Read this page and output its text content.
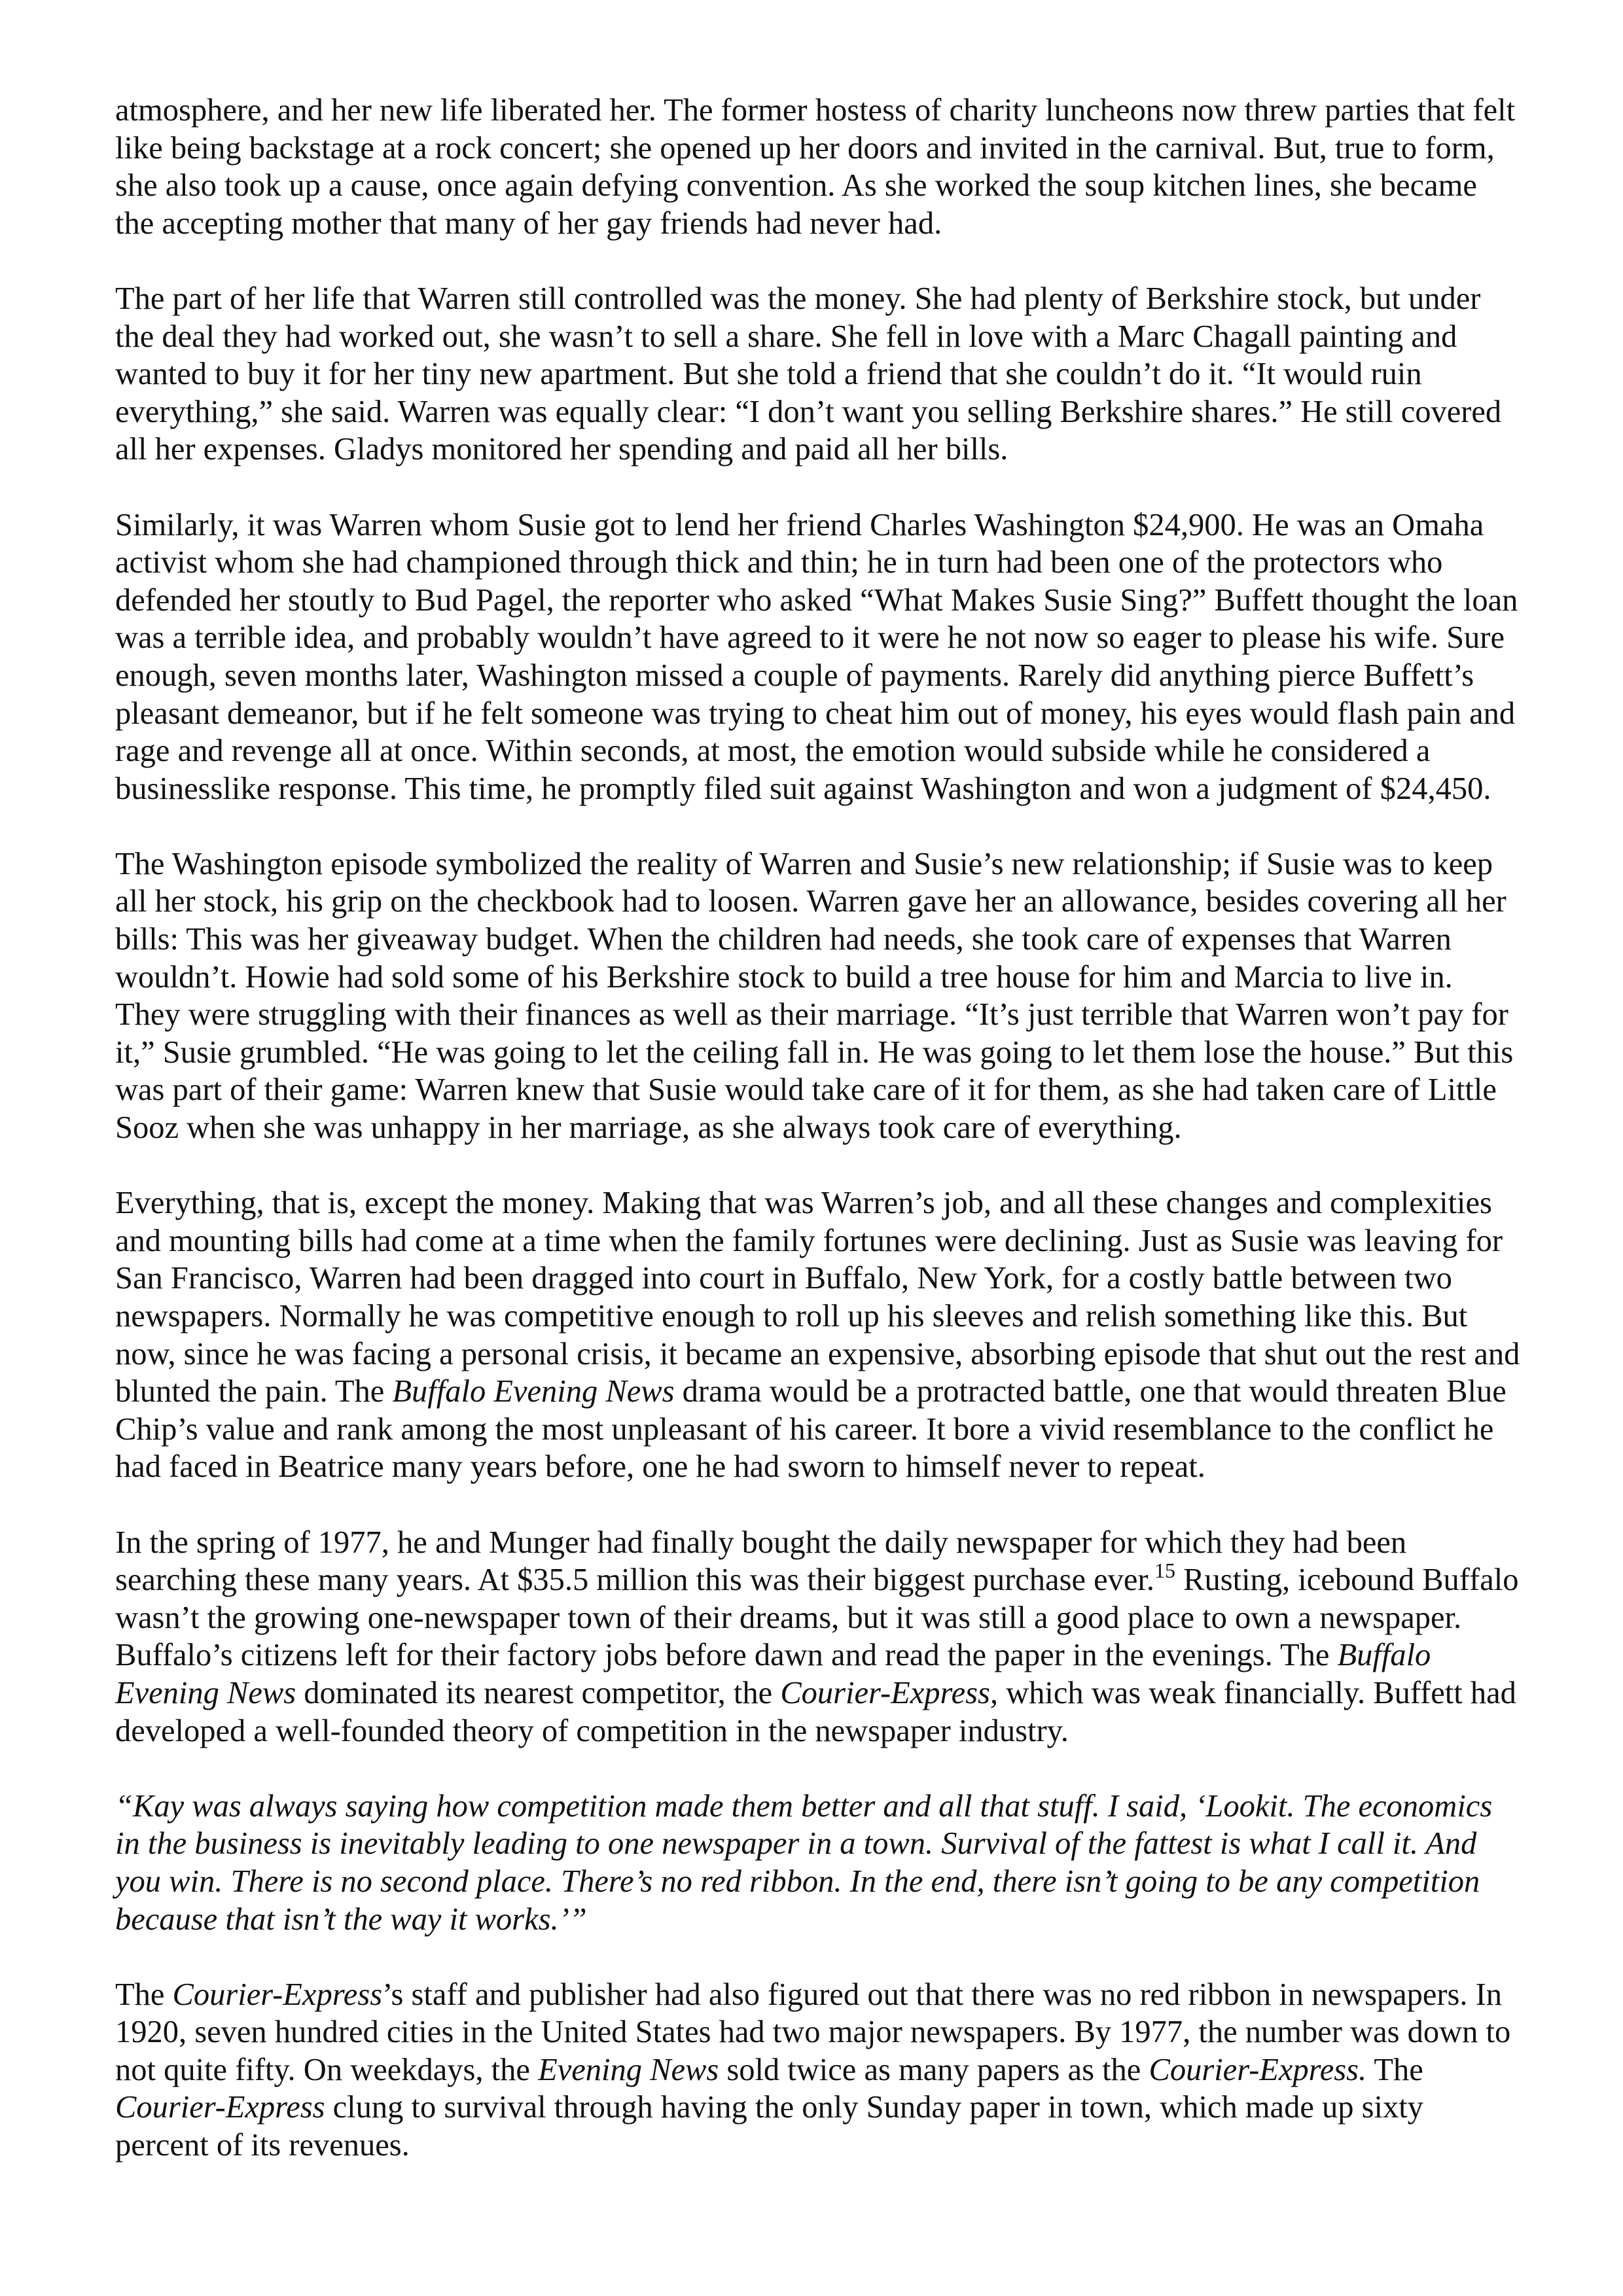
atmosphere, and her new life liberated her. The former hostess of charity luncheons now threw parties that felt like being backstage at a rock concert; she opened up her doors and invited in the carnival. But, true to form, she also took up a cause, once again defying convention. As she worked the soup kitchen lines, she became the accepting mother that many of her gay friends had never had.

The part of her life that Warren still controlled was the money. She had plenty of Berkshire stock, but under the deal they had worked out, she wasn’t to sell a share. She fell in love with a Marc Chagall painting and wanted to buy it for her tiny new apartment. But she told a friend that she couldn’t do it. “It would ruin everything,” she said. Warren was equally clear: “I don’t want you selling Berkshire shares.” He still covered all her expenses. Gladys monitored her spending and paid all her bills.

Similarly, it was Warren whom Susie got to lend her friend Charles Washington $24,900. He was an Omaha activist whom she had championed through thick and thin; he in turn had been one of the protectors who defended her stoutly to Bud Pagel, the reporter who asked “What Makes Susie Sing?” Buffett thought the loan was a terrible idea, and probably wouldn’t have agreed to it were he not now so eager to please his wife. Sure enough, seven months later, Washington missed a couple of payments. Rarely did anything pierce Buffett’s pleasant demeanor, but if he felt someone was trying to cheat him out of money, his eyes would flash pain and rage and revenge all at once. Within seconds, at most, the emotion would subside while he considered a businesslike response. This time, he promptly filed suit against Washington and won a judgment of $24,450.

The Washington episode symbolized the reality of Warren and Susie’s new relationship; if Susie was to keep all her stock, his grip on the checkbook had to loosen. Warren gave her an allowance, besides covering all her bills: This was her giveaway budget. When the children had needs, she took care of expenses that Warren wouldn’t. Howie had sold some of his Berkshire stock to build a tree house for him and Marcia to live in. They were struggling with their finances as well as their marriage. “It’s just terrible that Warren won’t pay for it,” Susie grumbled. “He was going to let the ceiling fall in. He was going to let them lose the house.” But this was part of their game: Warren knew that Susie would take care of it for them, as she had taken care of Little Sooz when she was unhappy in her marriage, as she always took care of everything.

Everything, that is, except the money. Making that was Warren’s job, and all these changes and complexities and mounting bills had come at a time when the family fortunes were declining. Just as Susie was leaving for San Francisco, Warren had been dragged into court in Buffalo, New York, for a costly battle between two newspapers. Normally he was competitive enough to roll up his sleeves and relish something like this. But now, since he was facing a personal crisis, it became an expensive, absorbing episode that shut out the rest and blunted the pain. The Buffalo Evening News drama would be a protracted battle, one that would threaten Blue Chip’s value and rank among the most unpleasant of his career. It bore a vivid resemblance to the conflict he had faced in Beatrice many years before, one he had sworn to himself never to repeat.

In the spring of 1977, he and Munger had finally bought the daily newspaper for which they had been searching these many years. At $35.5 million this was their biggest purchase ever.$^{15}$ Rusting, icebound Buffalo wasn’t the growing one-newspaper town of their dreams, but it was still a good place to own a newspaper. Buffalo’s citizens left for their factory jobs before dawn and read the paper in the evenings. The Buffalo Evening News dominated its nearest competitor, the Courier-Express, which was weak financially. Buffett had developed a well-founded theory of competition in the newspaper industry.

“Kay was always saying how competition made them better and all that stuff. I said, ‘Lookit. The economics in the business is inevitably leading to one newspaper in a town. Survival of the fattest is what I call it. And you win. There is no second place. There’s no red ribbon. In the end, there isn’t going to be any competition because that isn’t the way it works.’”

The Courier-Express’s staff and publisher had also figured out that there was no red ribbon in newspapers. In 1920, seven hundred cities in the United States had two major newspapers. By 1977, the number was down to not quite fifty. On weekdays, the Evening News sold twice as many papers as the Courier-Express. The Courier-Express clung to survival through having the only Sunday paper in town, which made up sixty percent of its revenues.
